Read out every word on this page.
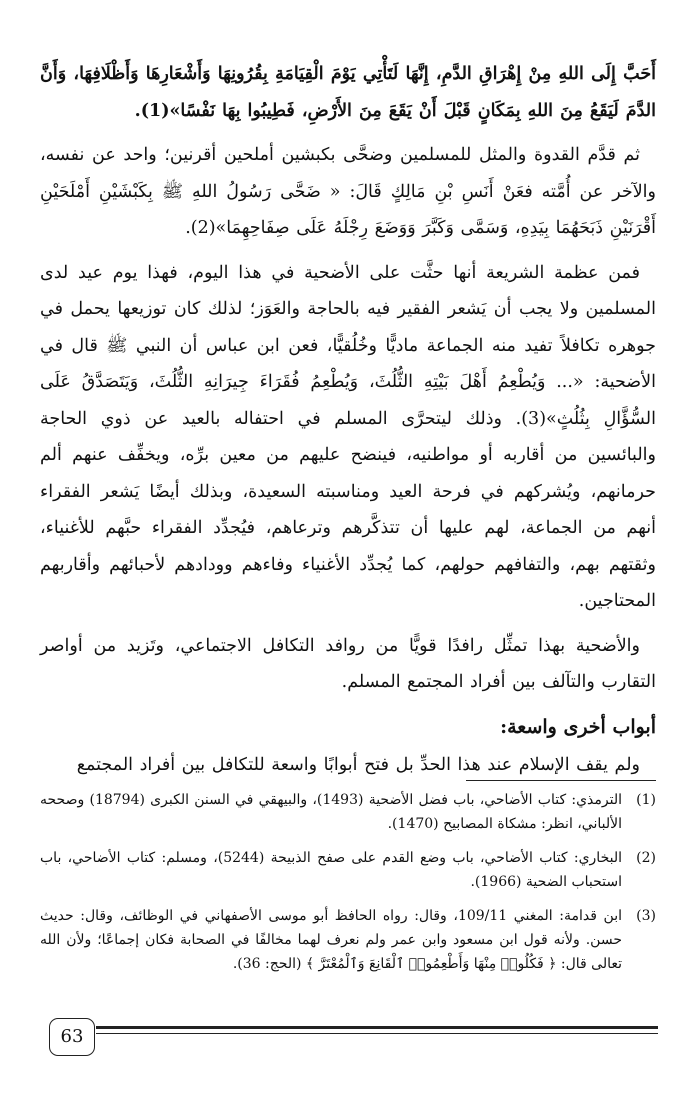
أَحَبَّ إِلَى اللهِ مِنْ إِهْرَاقِ الدَّمِ، إِنَّهَا لَتَأْتِي يَوْمَ الْقِيَامَةِ بِقُرُونِهَا وَأَشْعَارِهَا وَأَظْلَافِهَا، وَأَنَّ الدَّمَ لَيَقَعُ مِنَ اللهِ بِمَكَانٍ قَبْلَ أَنْ يَقَعَ مِنَ الأَرْضِ، فَطِيبُوا بِهَا نَفْسًا»(1).

ثم قدَّم القدوة والمثل للمسلمين وضحَّى بكبشين أملحين أقرنين؛ واحد عن نفسه، والآخر عن أُمَّته فعَنْ أَنَسِ بْنِ مَالِكٍ قَالَ: « ضَحَّى رَسُولُ اللهِ ﷺ بِكَبْشَيْنِ أَمْلَحَيْنِ أَقْرَنَيْنِ ذَبَحَهُمَا بِيَدِهِ، وَسَمَّى وَكَبَّرَ وَوَضَعَ رِجْلَهُ عَلَى صِفَاحِهِمَا»(2).

فمن عظمة الشريعة أنها حثَّت على الأضحية في هذا اليوم، فهذا يوم عيد لدى المسلمين ولا يجب أن يَشعر الفقير فيه بالحاجة والعَوَز؛ لذلك كان توزيعها يحمل في جوهره تكافلاً تفيد منه الجماعة ماديًّا وخُلُقيًّا، فعن ابن عباس أن النبي ﷺ قال في الأضحية: «... وَيُطْعِمُ أَهْلَ بَيْتِهِ الثُّلُثَ، وَيُطْعِمُ فُقَرَاءَ جِيرَانِهِ الثُّلُثَ، وَيَتَصَدَّقُ عَلَى السُّؤَّالِ بِثُلُثٍ»(3). وذلك ليتحرَّى المسلم في احتفاله بالعيد عن ذوي الحاجة والبائسين من أقاربه أو مواطنيه، فينضح عليهم من معين برِّه، ويخفِّف عنهم ألم حرمانهم، ويُشركهم في فرحة العيد ومناسبته السعيدة، وبذلك أيضًا يَشعر الفقراء أنهم من الجماعة، لهم عليها أن تتذكَّرهم وترعاهم، فيُجدِّد الفقراء حبَّهم للأغنياء، وثقتهم بهم، والتفافهم حولهم، كما يُجدِّد الأغنياء وفاءهم وودادهم لأحبائهم وأقاربهم المحتاجين.

والأضحية بهذا تمثِّل رافدًا قويًّا من روافد التكافل الاجتماعي، وتَزيد من أواصر التقارب والتآلف بين أفراد المجتمع المسلم.

أبواب أخرى واسعة:

ولم يقف الإسلام عند هذا الحدِّ بل فتح أبوابًا واسعة للتكافل بين أفراد المجتمع

(1)
الترمذي: كتاب الأضاحي، باب فضل الأضحية (1493)، والبيهقي في السنن الكبرى (18794) وصححه الألباني، انظر: مشكاة المصابيح (1470).
(2)
البخاري: كتاب الأضاحي، باب وضع القدم على صفح الذبيحة (5244)، ومسلم: كتاب الأضاحي، باب استحباب الضحية (1966).
(3)
ابن قدامة: المغني 109/11، وقال: رواه الحافظ أبو موسى الأصفهاني في الوظائف، وقال: حديث حسن. ولأنه قول ابن مسعود وابن عمر ولم نعرف لهما مخالفًا في الصحابة فكان إجماعًا؛ ولأن الله تعالى قال: ﴿ فَكُلُوا۟ مِنْهَا وَأَطْعِمُوا۟ ٱلْقَانِعَ وَٱلْمُعْتَرَّ ﴾ (الحج: 36).
63
